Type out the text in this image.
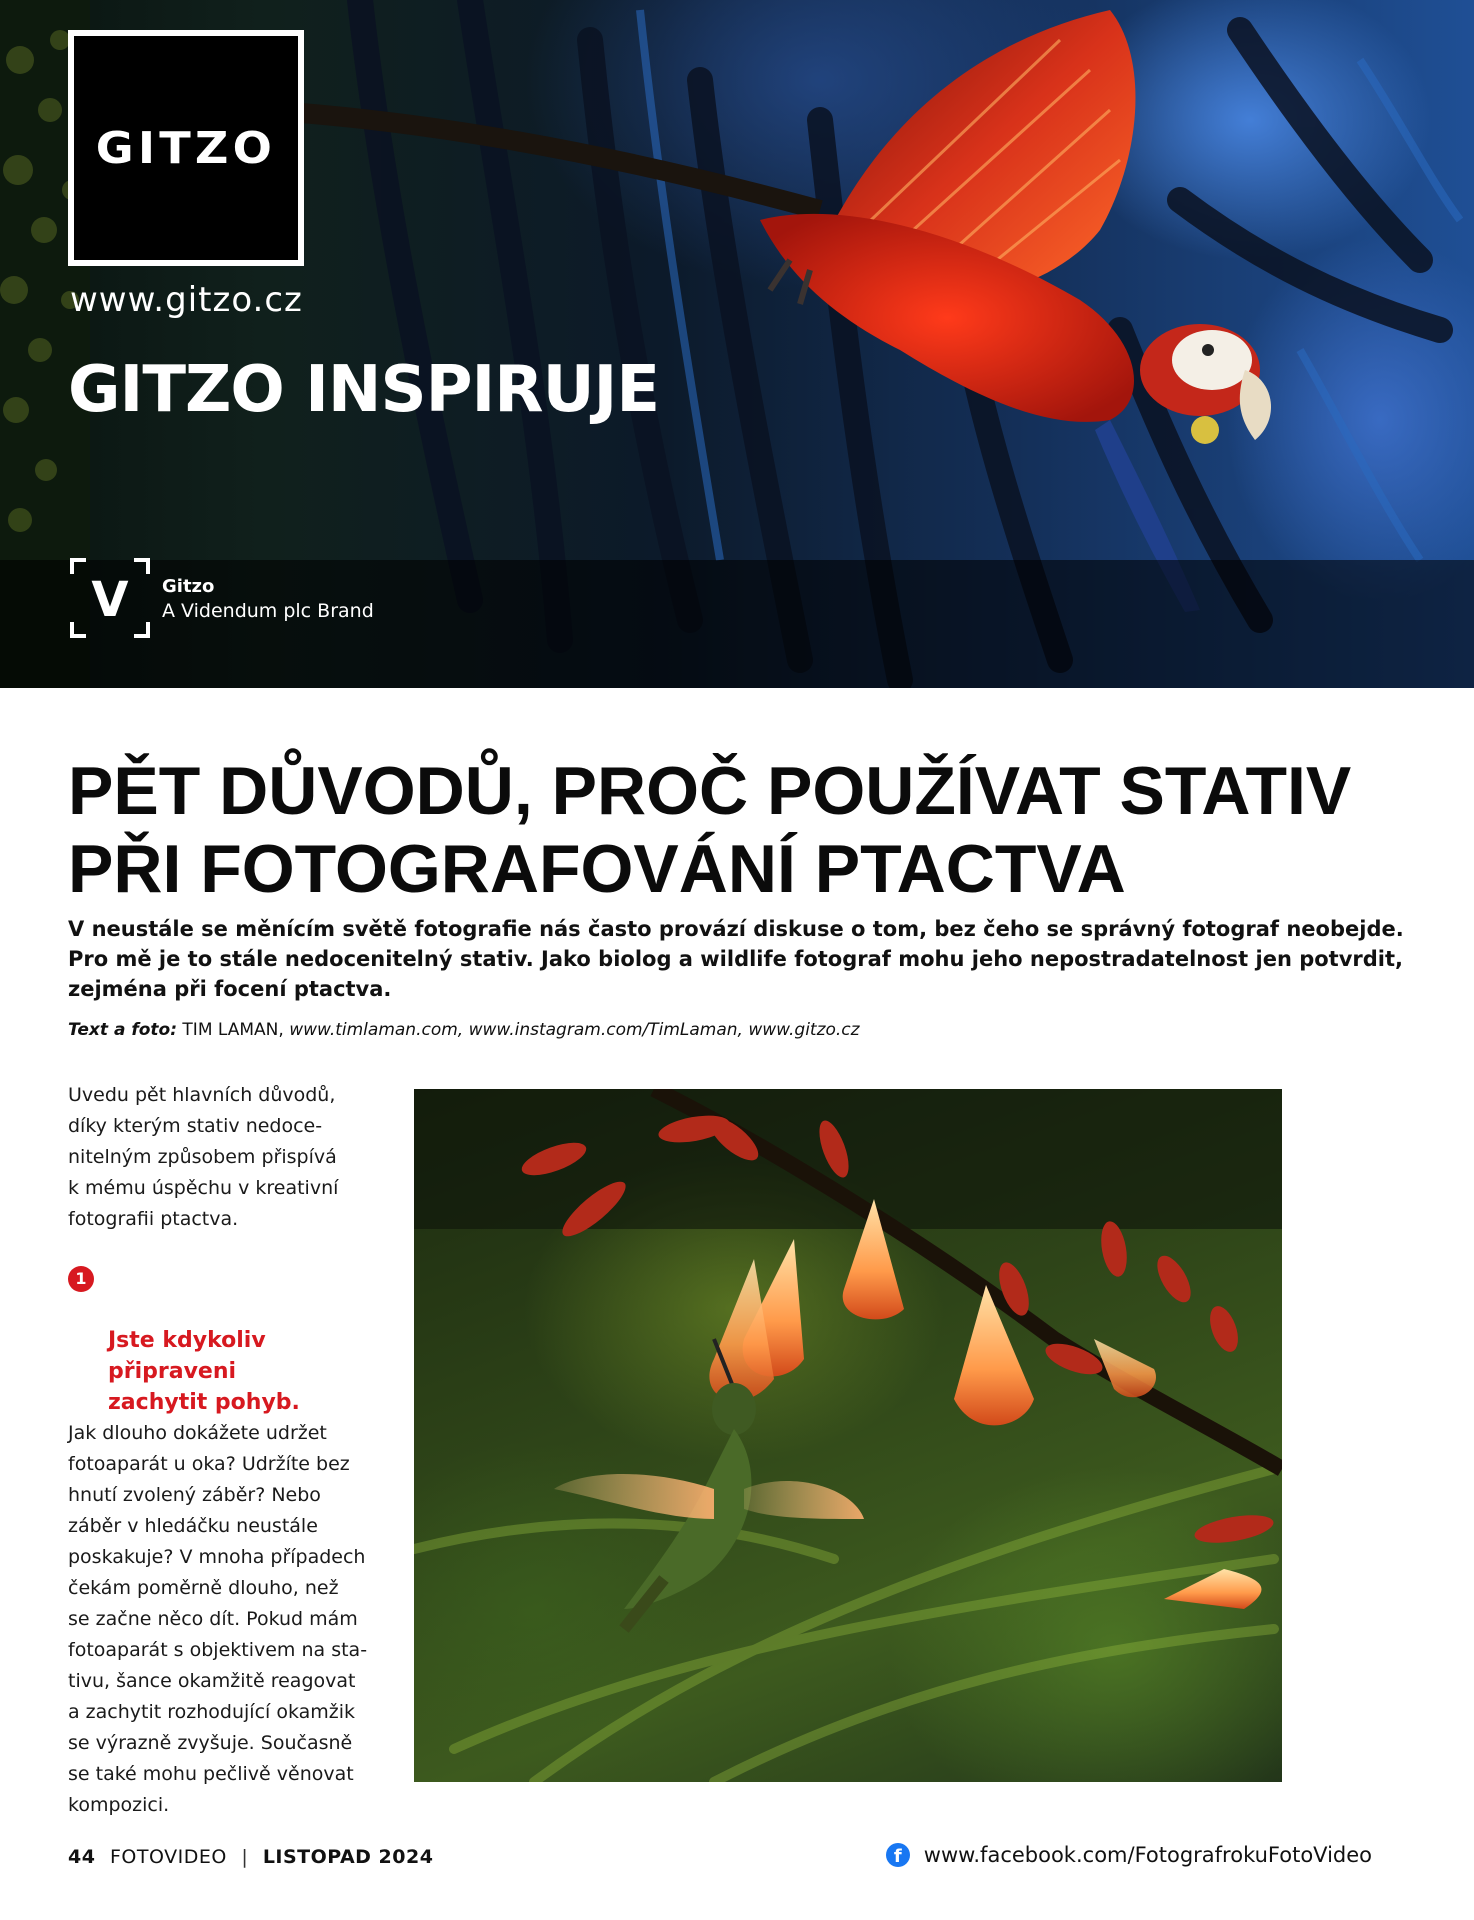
GITZO
www.gitzo.cz
GITZO INSPIRUJE
V Gitzo
A Videndum plc Brand
PĚT DŮVODŮ, PROČ POUŽÍVAT STATIV
PŘI FOTOGRAFOVÁNÍ PTACTVA

V neustále se měnícím světě fotografie nás často provází diskuse o tom, bez čeho se správný fotograf neobejde. Pro mě je to stále nedocenitelný stativ. Jako biolog a wildlife fotograf mohu jeho nepostradatelnost jen potvrdit, zejména při focení ptactva.

Text a foto: TIM LAMAN, www.timlaman.com, www.instagram.com/TimLaman, www.gitzo.cz

Uvedu pět hlavních důvodů,
díky kterým stativ nedoce-
nitelným způsobem přispívá
k mému úspěchu v kreativní
fotografii ptactva.

1

Jste kdykoliv
připraveni
zachytit pohyb.

Jak dlouho dokážete udržet
fotoaparát u oka? Udržíte bez
hnutí zvolený záběr? Nebo
záběr v hledáčku neustále
poskakuje? V mnoha případech
čekám poměrně dlouho, než
se začne něco dít. Pokud mám
fotoaparát s objektivem na sta-
tivu, šance okamžitě reagovat
a zachytit rozhodující okamžik
se výrazně zvyšuje. Současně
se také mohu pečlivě věnovat
kompozici.

44 FOTOVIDEO | LISTOPAD 2024	f	www.facebook.com/FotografrokuFotoVideo
